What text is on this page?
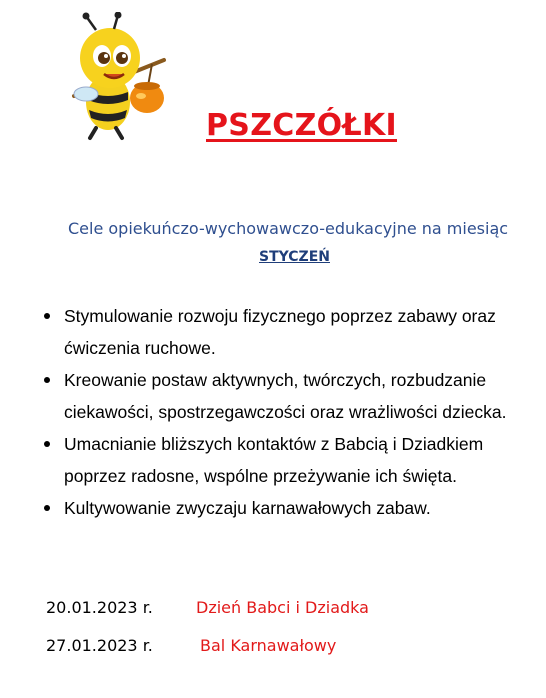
PSZCZÓŁKI
Cele opiekuńczo-wychowawczo-edukacyjne na miesiąc
STYCZEŃ
Stymulowanie rozwoju fizycznego poprzez zabawy oraz ćwiczenia ruchowe.
Kreowanie postaw aktywnych, twórczych, rozbudzanie ciekawości, spostrzegawczości oraz wrażliwości dziecka.
Umacnianie bliższych kontaktów z Babcią i Dziadkiem poprzez radosne, wspólne przeżywanie ich święta.
Kultywowanie zwyczaju karnawałowych zabaw.
20.01.2023 r.	Dzień Babci i Dziadka
27.01.2023 r.	Bal Karnawałowy
